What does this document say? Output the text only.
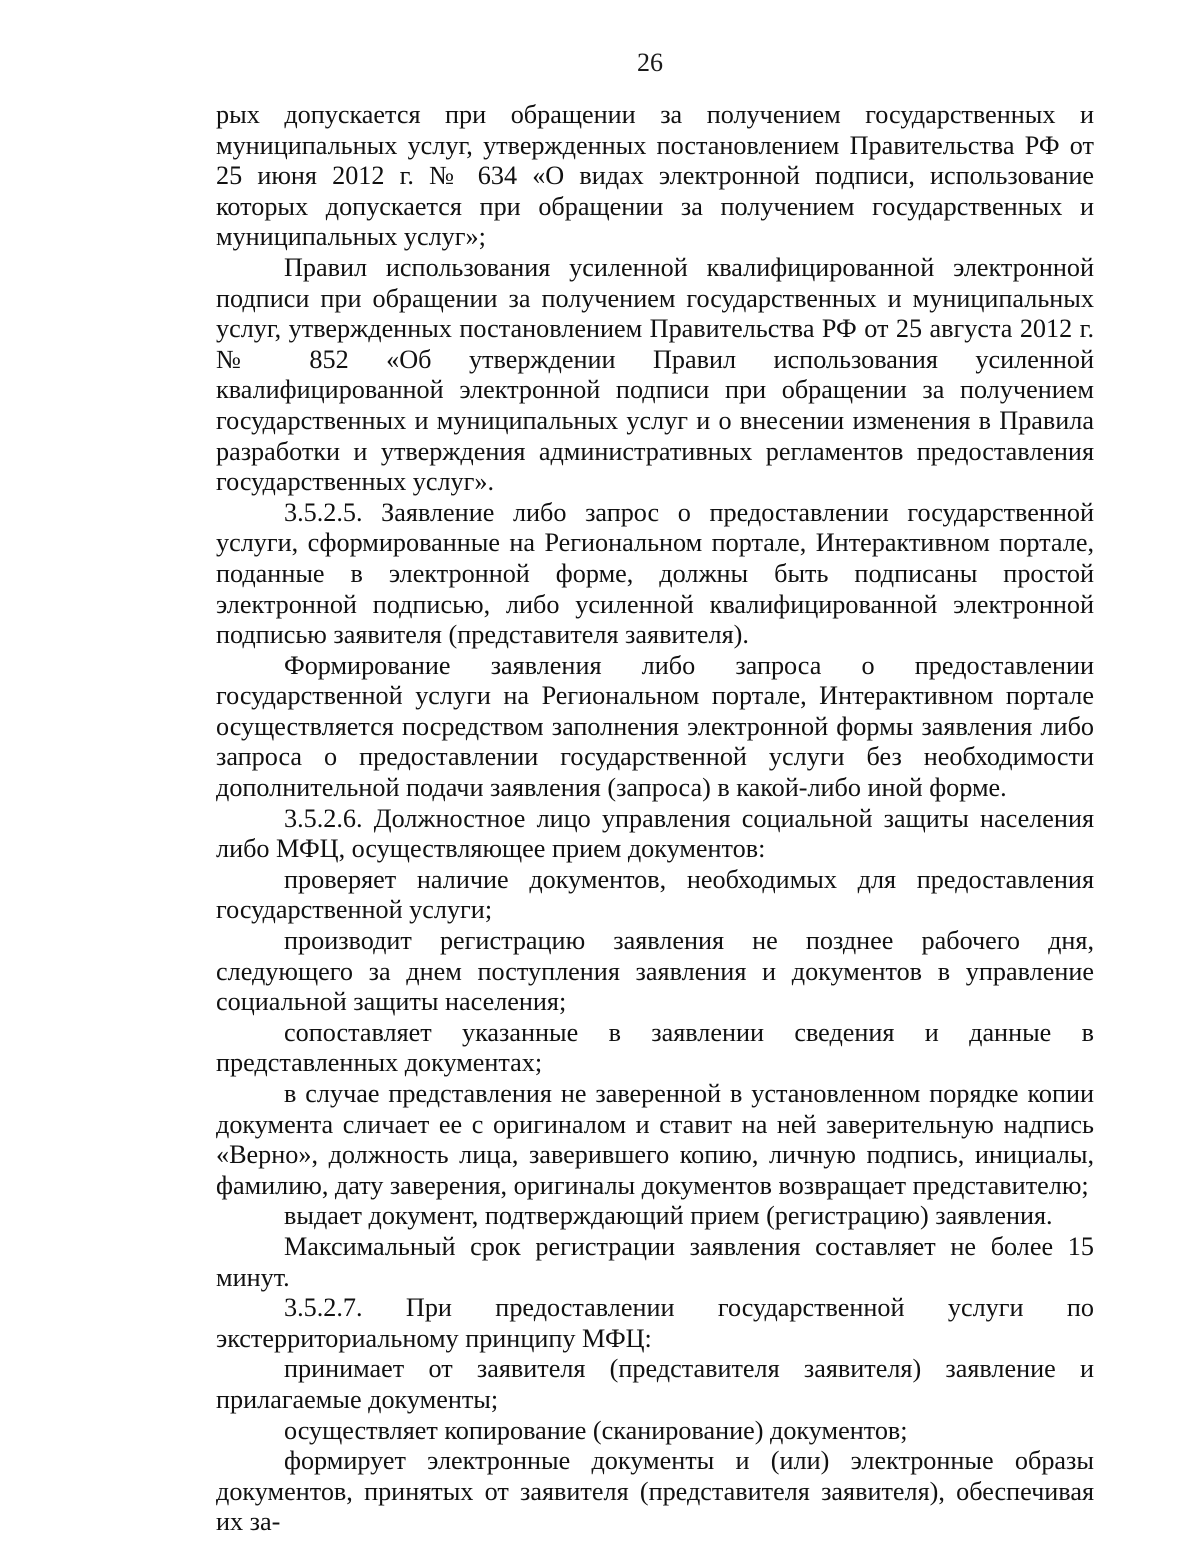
26

рых допускается при обращении за получением государственных и муниципальных услуг, утвержденных постановлением Правительства РФ от 25 июня 2012 г. № 634 «О видах электронной подписи, использование которых допускается при обращении за получением государственных и муниципальных услуг»;

Правил использования усиленной квалифицированной электронной подписи при обращении за получением государственных и муниципальных услуг, утвержденных постановлением Правительства РФ от 25 августа 2012 г. № 852 «Об утверждении Правил использования усиленной квалифицированной электронной подписи при обращении за получением государственных и муниципальных услуг и о внесении изменения в Правила разработки и утверждения административных регламентов предоставления государственных услуг».

3.5.2.5. Заявление либо запрос о предоставлении государственной услуги, сформированные на Региональном портале, Интерактивном портале, поданные в электронной форме, должны быть подписаны простой электронной подписью, либо усиленной квалифицированной электронной подписью заявителя (представителя заявителя).

Формирование заявления либо запроса о предоставлении государственной услуги на Региональном портале, Интерактивном портале осуществляется посредством заполнения электронной формы заявления либо запроса о предоставлении государственной услуги без необходимости дополнительной подачи заявления (запроса) в какой-либо иной форме.

3.5.2.6. Должностное лицо управления социальной защиты населения либо МФЦ, осуществляющее прием документов:

проверяет наличие документов, необходимых для предоставления государственной услуги;

производит регистрацию заявления не позднее рабочего дня, следующего за днем поступления заявления и документов в управление социальной защиты населения;

сопоставляет указанные в заявлении сведения и данные в представленных документах;

в случае представления не заверенной в установленном порядке копии документа сличает ее с оригиналом и ставит на ней заверительную надпись «Верно», должность лица, заверившего копию, личную подпись, инициалы, фамилию, дату заверения, оригиналы документов возвращает представителю;

выдает документ, подтверждающий прием (регистрацию) заявления.

Максимальный срок регистрации заявления составляет не более 15 минут.

3.5.2.7. При предоставлении государственной услуги по экстерриториальному принципу МФЦ:

принимает от заявителя (представителя заявителя) заявление и прилагаемые документы;

осуществляет копирование (сканирование) документов;

формирует электронные документы и (или) электронные образы документов, принятых от заявителя (представителя заявителя), обеспечивая их за-
